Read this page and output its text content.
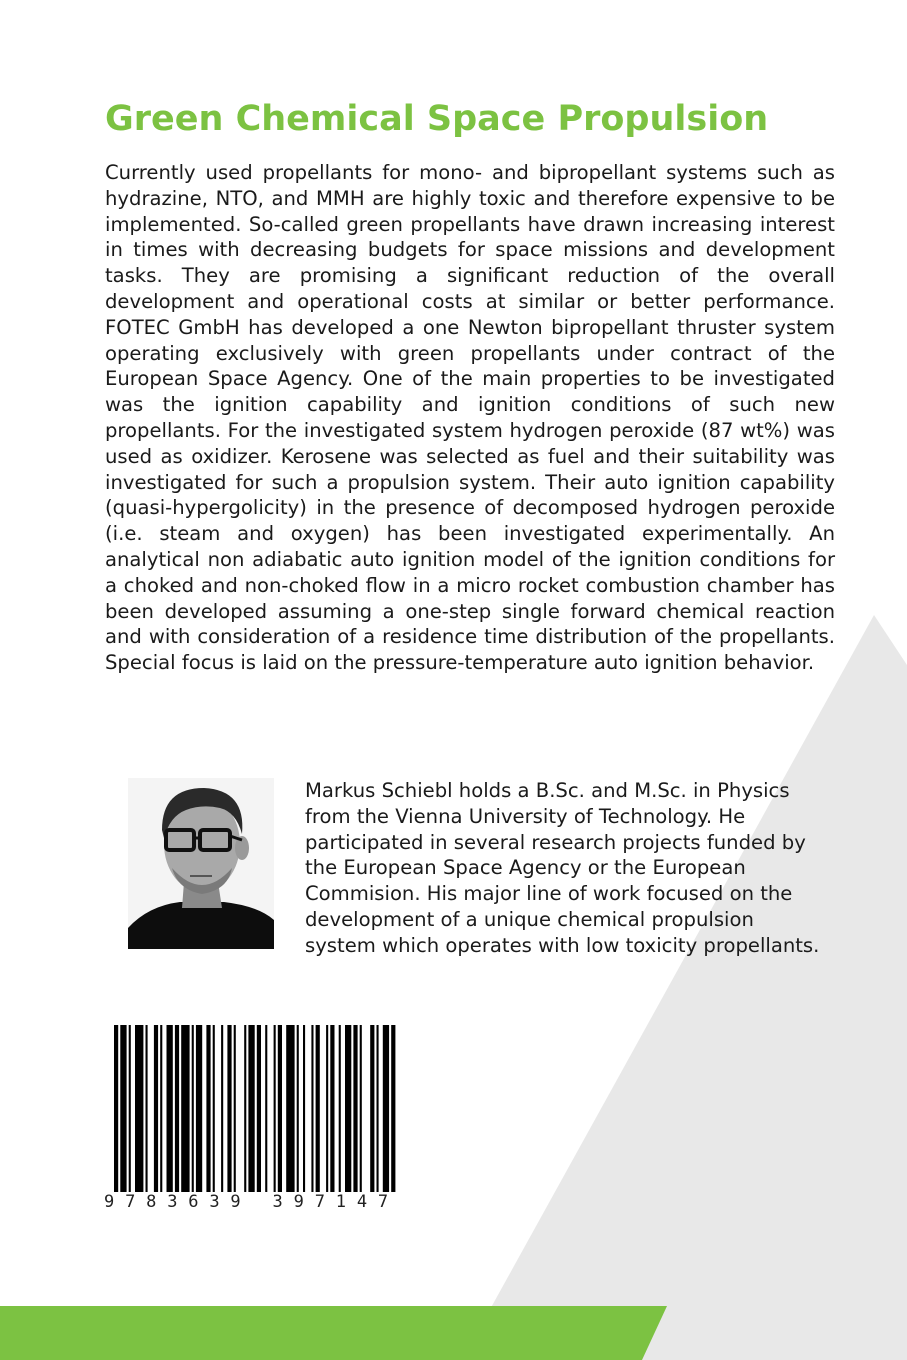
Green Chemical Space Propulsion

Currently used propellants for mono- and bipropellant systems such as hydrazine, NTO, and MMH are highly toxic and therefore expensive to be implemented. So-called green propellants have drawn increasing interest in times with decreasing budgets for space missions and development tasks. They are promising a significant reduction of the overall development and operational costs at similar or better performance. FOTEC GmbH has developed a one Newton bipropellant thruster system operating exclusively with green propellants under contract of the European Space Agency. One of the main properties to be investigated was the ignition capability and ignition conditions of such new propellants. For the investigated system hydrogen peroxide (87 wt%) was used as oxidizer. Kerosene was selected as fuel and their suitability was investigated for such a propulsion system. Their auto ignition capability (quasi-hypergolicity) in the presence of decomposed hydrogen peroxide (i.e. steam and oxygen) has been investigated experimentally. An analytical non adiabatic auto ignition model of the ignition conditions for a choked and non-choked flow in a micro rocket combustion chamber has been developed assuming a one-step single forward chemical reaction and with consideration of a residence time distribution of the propellants. Special focus is laid on the pressure-temperature auto ignition behavior.

Markus Schiebl holds a B.Sc. and M.Sc. in Physics from the Vienna University of Technology. He participated in several research projects funded by the European Space Agency or the European Commision. His major line of work focused on the development of a unique chemical propulsion system which operates with low toxicity propellants.

9 7 8 3 6 3 9   3 9 7 1 4 7
